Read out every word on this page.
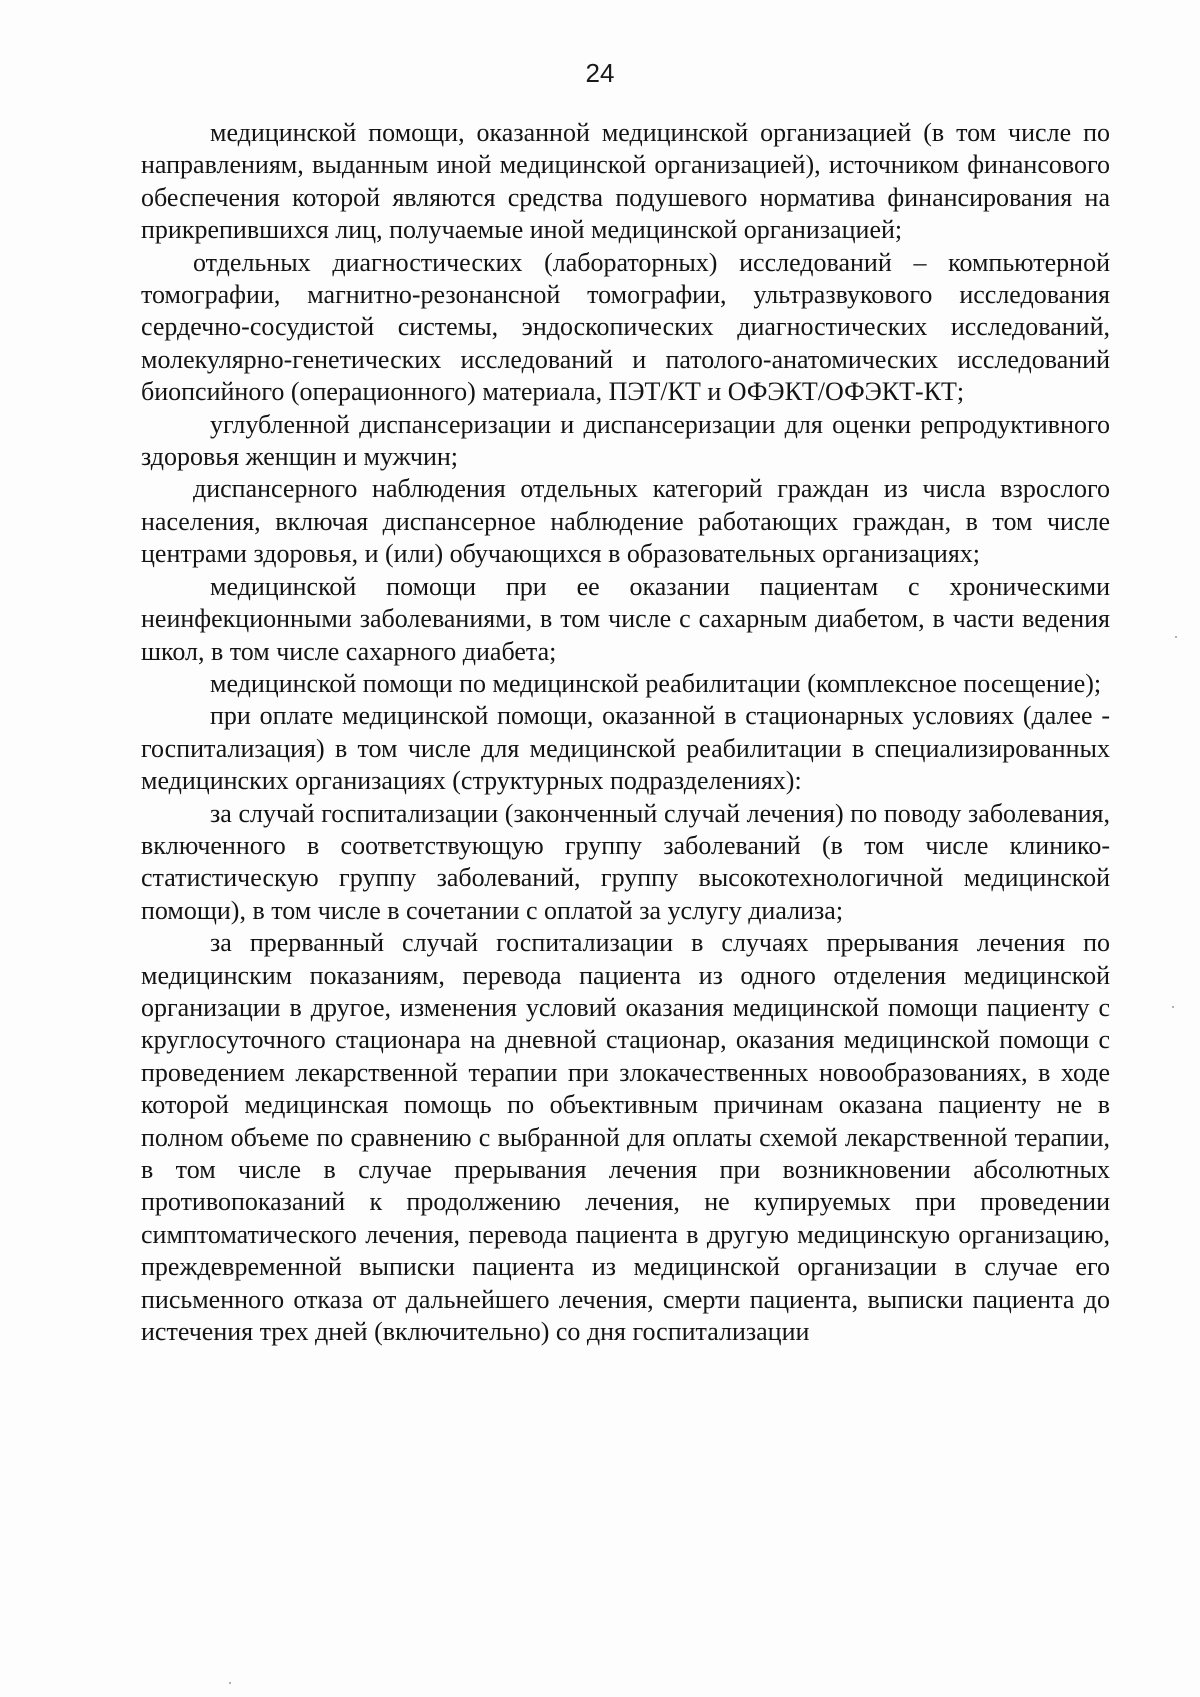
24

медицинской помощи, оказанной медицинской организацией (в том числе по направлениям, выданным иной медицинской организацией), источником финансового обеспечения которой являются средства подушевого норматива финансирования на прикрепившихся лиц, получаемые иной медицинской организацией;

отдельных диагностических (лабораторных) исследований – компьютерной томографии, магнитно-резонансной томографии, ультразвукового исследования сердечно-сосудистой системы, эндоскопических диагностических исследований, молекулярно-генетических исследований и патолого-анатомических исследований биопсийного (операционного) материала, ПЭТ/КТ и ОФЭКТ/ОФЭКТ-КТ;

углубленной диспансеризации и диспансеризации для оценки репродуктивного здоровья женщин и мужчин;

диспансерного наблюдения отдельных категорий граждан из числа взрослого населения, включая диспансерное наблюдение работающих граждан, в том числе центрами здоровья, и (или) обучающихся в образовательных организациях;

медицинской помощи при ее оказании пациентам с хроническими неинфекционными заболеваниями, в том числе с сахарным диабетом, в части ведения школ, в том числе сахарного диабета;

медицинской помощи по медицинской реабилитации (комплексное посещение);

при оплате медицинской помощи, оказанной в стационарных условиях (далее - госпитализация) в том числе для медицинской реабилитации в специализированных медицинских организациях (структурных подразделениях):

за случай госпитализации (законченный случай лечения) по поводу заболевания, включенного в соответствующую группу заболеваний (в том числе клинико-статистическую группу заболеваний, группу высокотехнологичной медицинской помощи), в том числе в сочетании с оплатой за услугу диализа;

за прерванный случай госпитализации в случаях прерывания лечения по медицинским показаниям, перевода пациента из одного отделения медицинской организации в другое, изменения условий оказания медицинской помощи пациенту с круглосуточного стационара на дневной стационар, оказания медицинской помощи с проведением лекарственной терапии при злокачественных новообразованиях, в ходе которой медицинская помощь по объективным причинам оказана пациенту не в полном объеме по сравнению с выбранной для оплаты схемой лекарственной терапии, в том числе в случае прерывания лечения при возникновении абсолютных противопоказаний к продолжению лечения, не купируемых при проведении симптоматического лечения, перевода пациента в другую медицинскую организацию, преждевременной выписки пациента из медицинской организации в случае его письменного отказа от дальнейшего лечения, смерти пациента, выписки пациента до истечения трех дней (включительно) со дня госпитализации
